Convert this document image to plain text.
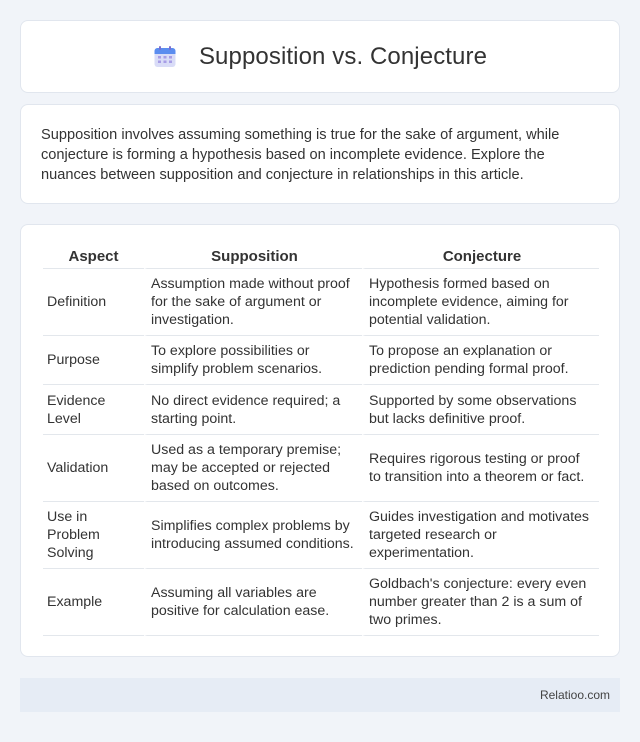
Supposition vs. Conjecture

Supposition involves assuming something is true for the sake of argument, while conjecture is forming a hypothesis based on incomplete evidence. Explore the nuances between supposition and conjecture in relationships in this article.

Aspect	Supposition	Conjecture
Definition	Assumption made without proof for the sake of argument or investigation.	Hypothesis formed based on incomplete evidence, aiming for potential validation.
Purpose	To explore possibilities or simplify problem scenarios.	To propose an explanation or prediction pending formal proof.
Evidence Level	No direct evidence required; a starting point.	Supported by some observations but lacks definitive proof.
Validation	Used as a temporary premise; may be accepted or rejected based on outcomes.	Requires rigorous testing or proof to transition into a theorem or fact.
Use in Problem Solving	Simplifies complex problems by introducing assumed conditions.	Guides investigation and motivates targeted research or experimentation.
Example	Assuming all variables are positive for calculation ease.	Goldbach's conjecture: every even number greater than 2 is a sum of two primes.
Relatioo.com
